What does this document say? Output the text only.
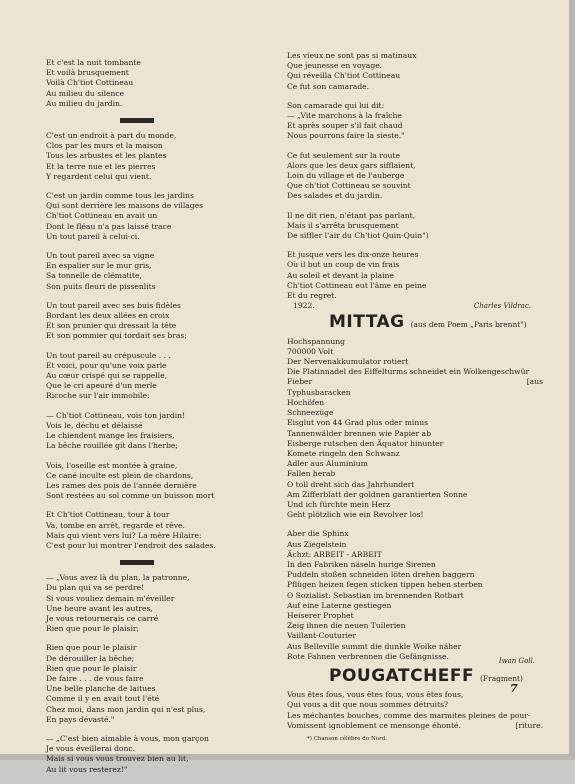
Et c'est la nuit tombante
Et voilà brusquement
Voilà Ch'tiot Cottineau
Au milieu du silence
Au milieu du jardin.
C'est un endroit à part du monde,
Clos par les murs et la maison
Tous les arbustes et les plantes
Et la terre nue et les pierres
Y regardent celui qui vient.
C'est un jardin comme tous les jardins
Qui sont derrière les maisons de villages
Ch'tiot Cottineau en avait un
Dont le fléau n'a pas laissé trace
Un tout pareil à celui-ci.
Un tout pareil avec sa vigne
En espalier sur le mur gris,
Sa tonnelle de clématite,
Son puits fleuri de pissenlits
Un tout pareil avec ses buis fidèles
Bordant les deux allées en croix
Et son prunier qui dressait la tête
Et son pommier qui tordait ses bras;
Un tout pareil au crépuscule . . .
Et voici, pour qu'une voix parle
Au cœur crispé qui se rappelle,
Que le cri apeuré d'un merle
Ricoche sur l'air immobile:
— Ch'tiot Cottineau, vois ton jardin!
Vois le, déchu et délaissé
Le chiendent mange les fraisiers,
La bêche rouillée git dans l'herbe;
Vois, l'oseille est montée à graine,
Ce cané inculte est plein de chardons,
Les rames des pois de l'année dernière
Sont restées au sol comme un buisson mort
Et Ch'tiot Cottineau, tour à tour
Va, tombe en arrêt, regarde et rêve.
Mais qui vient vers lui? La mère Hilaire:
C'est pour lui montrer l'endroit des salades.
— „Vous avez là du plan, la patronne,
Du plan qui va se perdre!
Si vous vouliez demain m'éveiller
Une heure avant les autres,
Je vous retournerais ce carré
Rien que pour le plaisir;
Rien que pour le plaisir
De dérouiller la bêche;
Rien que pour le plaisir
De faire . . . de vous faire
Une belle planche de laitues
Comme il y en avait tout l'été
Chez moi, dans mon jardin qui n'est plus,
En pays dévasté."
— „C'est bien aimable à vous, mon garçon
Je vous éveillerai donc.
Mais si vous vous trouvez bien au lit,
Au lit vous resterez!"
Les vieux ne sont pas si matinaux
Que jeunesse en voyage.
Qui réveilla Ch'tiot Cottineau
Ce fut son camarade.
Son camarade qui lui dit:
— „Vite marchons à la fraîche
Et après souper s'il fait chaud
Nous pourrons faire la sieste."
Ce fut seulement sur la route
Alors que les deux gars sifflaient,
Loin du village et de l'auberge
Que ch'tiot Cottineau se souvint
Des salades et du jardin.
Il ne dit rien, n'étant pas parlant,
Mais il s'arrêta brusquement
De siffler l'air du Ch'tiot Quin-Quin")
Et jusque vers les dix-onze heures
Où il but un coup de vin frais
Au soleil et devant la plaine
Ch'tiot Cottineau eut l'âme en peine
Et du regret.
1922.	Charles Vildrac.
MITTAG (aus dem Poem „Paris brennt")
Hochspannung
700000 Volt
Der Nervenakkumulator rotiert
Die Platinnadel des Eiffelturms schneidet ein Wolkengeschwür
Fieber	[aus
Typhusbaracken
Hochöfen
Schneezüge
Eisglut von 44 Grad plus oder minus
Tannenwälder brennen wie Papier ab
Eisberge rutschen den Äquator hinunter
Komete ringeln den Schwanz
Adler aus Aluminium
Fallen herab
O toll dreht sich das Jahrhundert
Am Zifferblatt der goldnen garantierten Sonne
Und ich fürchte mein Herz
Geht plötzlich wie ein Revolver los!
Aber die Sphinx
Aus Ziegelstein
Ächzt: ARBEIT - ARBEIT
In den Fabriken näseln hurige Sirenen
Puddeln stoßen schneiden löten drehen baggern
Pflügen heizen fegen sticken tippen heben sterben
O Sozialist: Sebastian im brennenden Rotbart
Auf eine Laterne gestiegen
Heiserer Prophet
Zeig ihnen die neuen Tuilerien
Vaillant-Couturier
Aus Belleville summt die dunkle Wolke näher
Rote Fahnen verbrennen die Gefängnisse.	Iwan Goll.
POUGATCHEFF (Fragment)
Vous êtes fous, vous êtes fous, vous êtes fous,
Qui vous a dit que nous sommes détruits?
Les méchantes bouches, comme des marmites pleines de pour-
Vomissent ignoblement ce mensonge éhonté.	[riture.
*) Chanson célèbre du Nord.
7
